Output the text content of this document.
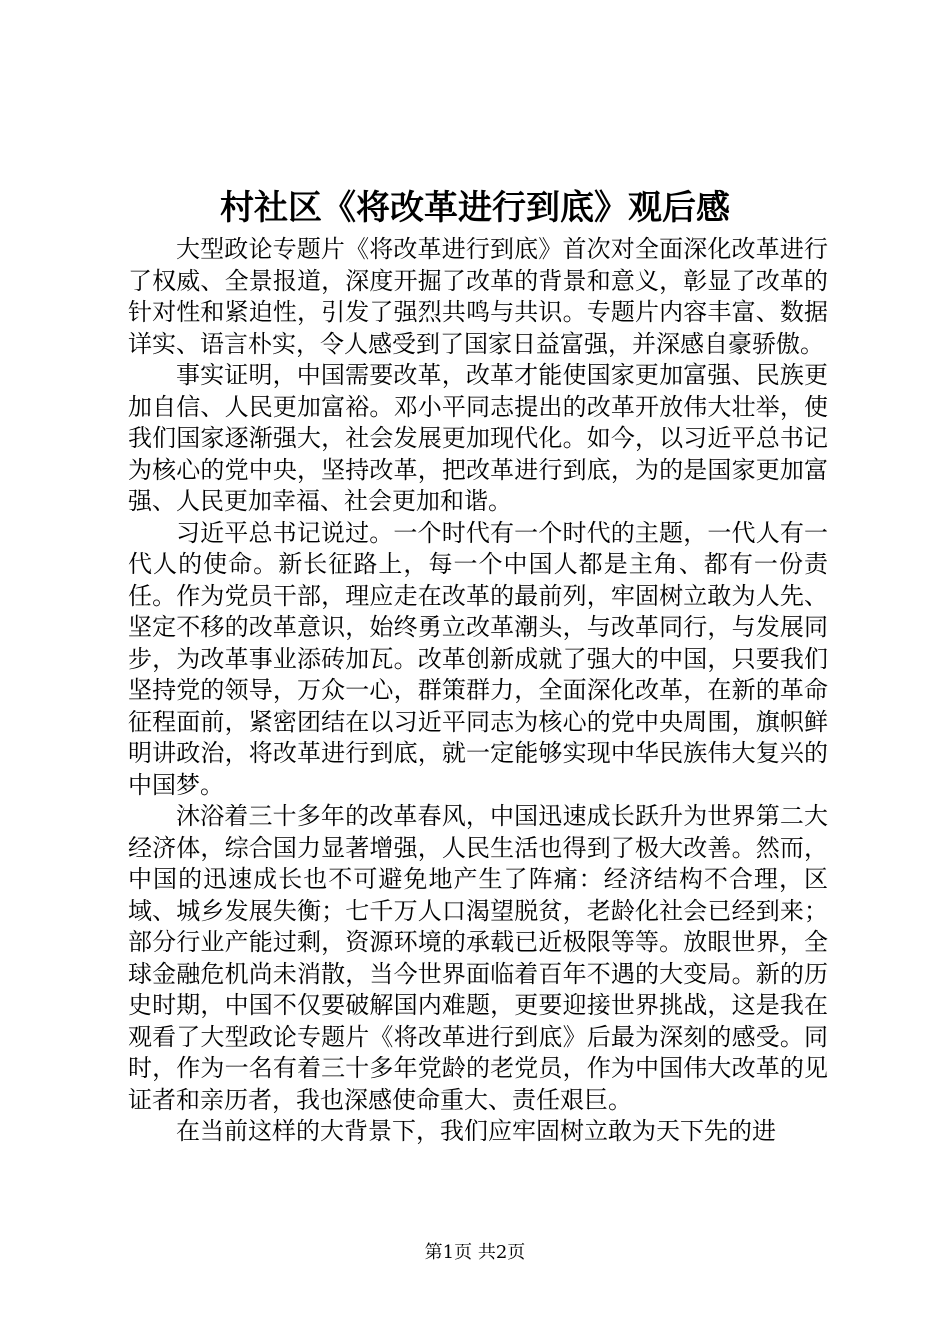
村社区《将改革进行到底》观后感

大型政论专题片《将改革进行到底》首次对全面深化改革进行了权威、全景报道，深度开掘了改革的背景和意义，彰显了改革的针对性和紧迫性，引发了强烈共鸣与共识。专题片内容丰富、数据详实、语言朴实，令人感受到了国家日益富强，并深感自豪骄傲。

事实证明，中国需要改革，改革才能使国家更加富强、民族更加自信、人民更加富裕。邓小平同志提出的改革开放伟大壮举，使我们国家逐渐强大，社会发展更加现代化。如今，以习近平总书记为核心的党中央，坚持改革，把改革进行到底，为的是国家更加富强、人民更加幸福、社会更加和谐。

习近平总书记说过。一个时代有一个时代的主题，一代人有一代人的使命。新长征路上，每一个中国人都是主角、都有一份责任。作为党员干部，理应走在改革的最前列，牢固树立敢为人先、坚定不移的改革意识，始终勇立改革潮头，与改革同行，与发展同步，为改革事业添砖加瓦。改革创新成就了强大的中国，只要我们坚持党的领导，万众一心，群策群力，全面深化改革，在新的革命征程面前，紧密团结在以习近平同志为核心的党中央周围，旗帜鲜明讲政治，将改革进行到底，就一定能够实现中华民族伟大复兴的中国梦。

沐浴着三十多年的改革春风，中国迅速成长跃升为世界第二大经济体，综合国力显著增强，人民生活也得到了极大改善。然而，中国的迅速成长也不可避免地产生了阵痛：经济结构不合理，区域、城乡发展失衡；七千万人口渴望脱贫，老龄化社会已经到来；部分行业产能过剩，资源环境的承载已近极限等等。放眼世界，全球金融危机尚未消散，当今世界面临着百年不遇的大变局。新的历史时期，中国不仅要破解国内难题，更要迎接世界挑战，这是我在观看了大型政论专题片《将改革进行到底》后最为深刻的感受。同时，作为一名有着三十多年党龄的老党员，作为中国伟大改革的见证者和亲历者，我也深感使命重大、责任艰巨。

在当前这样的大背景下，我们应牢固树立敢为天下先的进

第1页 共2页
